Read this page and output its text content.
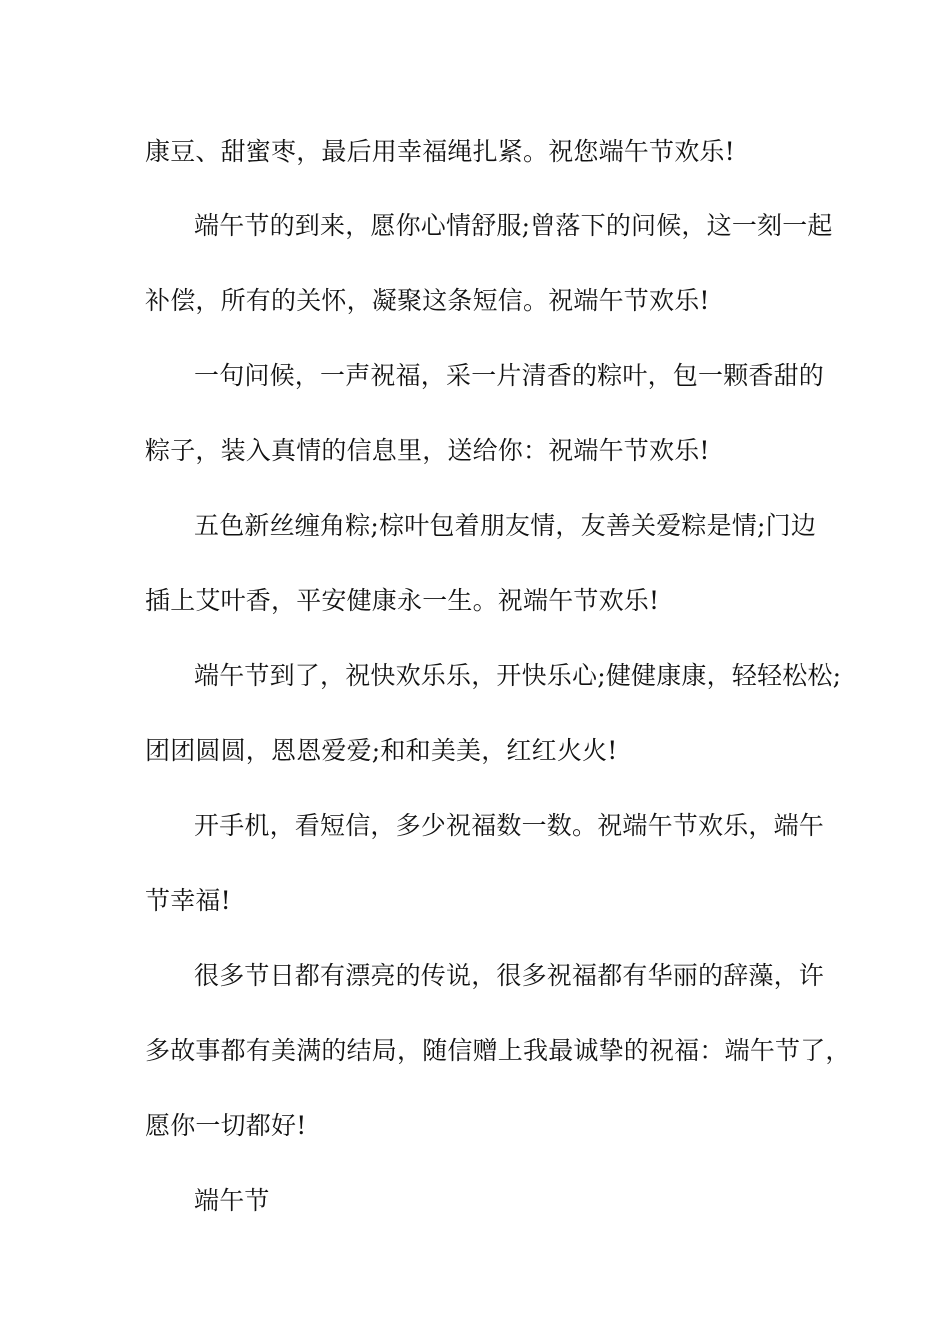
康豆、甜蜜枣，最后用幸福绳扎紧。祝您端午节欢乐!
端午节的到来，愿你心情舒服;曾落下的问候，这一刻一起
补偿，所有的关怀，凝聚这条短信。祝端午节欢乐!
一句问候，一声祝福，采一片清香的粽叶，包一颗香甜的
粽子，装入真情的信息里，送给你：祝端午节欢乐!
五色新丝缠角粽;棕叶包着朋友情，友善关爱粽是情;门边
插上艾叶香，平安健康永一生。祝端午节欢乐!
端午节到了，祝快欢乐乐，开快乐心;健健康康，轻轻松松;
团团圆圆，恩恩爱爱;和和美美，红红火火!
开手机，看短信，多少祝福数一数。祝端午节欢乐，端午
节幸福!
很多节日都有漂亮的传说，很多祝福都有华丽的辞藻，许
多故事都有美满的结局，随信赠上我最诚挚的祝福：端午节了，
愿你一切都好!
端午节
